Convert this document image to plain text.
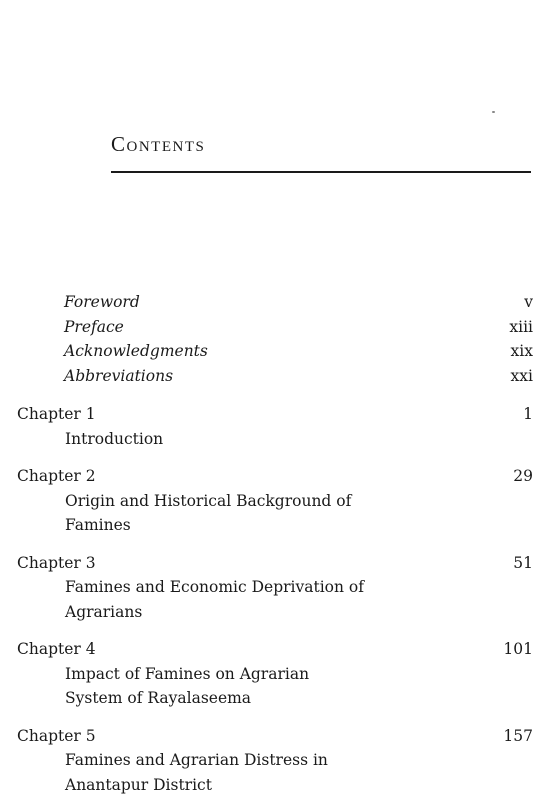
Contents
Foreword	v
Preface	xiii
Acknowledgments	xix
Abbreviations	xxi
Chapter 1	1
Introduction
Chapter 2	29
Origin and Historical Background of Famines
Chapter 3	51
Famines and Economic Deprivation of Agrarians
Chapter 4	101
Impact of Famines on Agrarian System of Rayalaseema
Chapter 5	157
Famines and Agrarian Distress in Anantapur District
